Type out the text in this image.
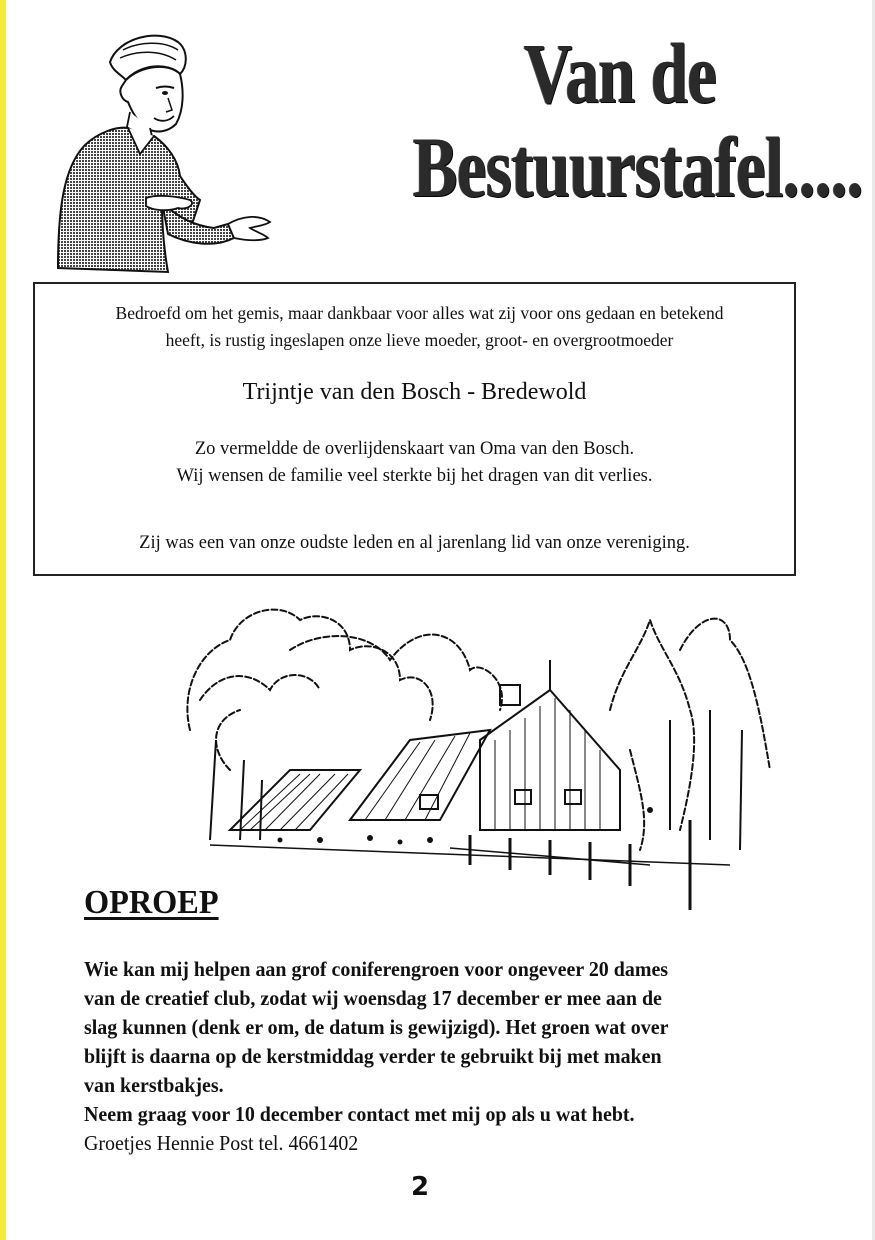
Van de
Bestuurstafel.....
Bedroefd om het gemis, maar dankbaar voor alles wat zij voor ons gedaan en betekend
heeft, is rustig ingeslapen onze lieve moeder, groot- en overgrootmoeder
Trijntje van den Bosch - Bredewold
Zo vermeldde de overlijdenskaart van Oma van den Bosch.
Wij wensen de familie veel sterkte bij het dragen van dit verlies.
Zij was een van onze oudste leden en al jarenlang lid van onze vereniging.
OPROEP
Wie kan mij helpen aan grof coniferengroen voor ongeveer 20 dames
van de creatief club, zodat wij woensdag 17 december er mee aan de
slag kunnen (denk er om, de datum is gewijzigd). Het groen wat over
blijft is daarna op de kerstmiddag verder te gebruikt bij met maken
van kerstbakjes.
Neem graag voor 10 december contact met mij op als u wat hebt.
Groetjes Hennie Post tel. 4661402
2
